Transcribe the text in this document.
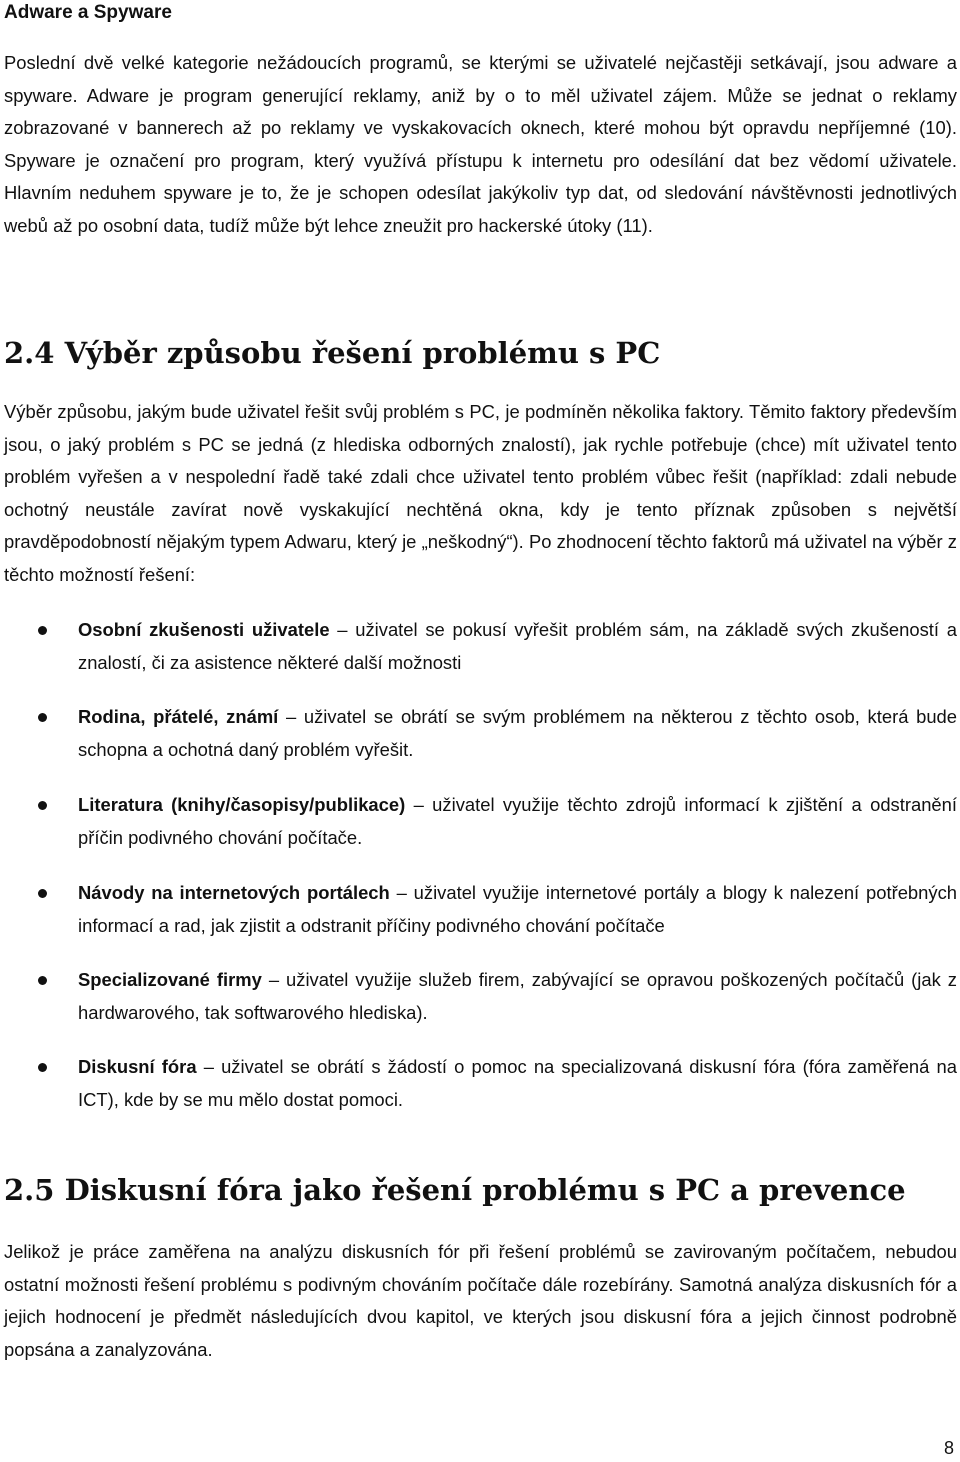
Adware a Spyware

Poslední dvě velké kategorie nežádoucích programů, se kterými se uživatelé nejčastěji setkávají, jsou adware a spyware. Adware je program generující reklamy, aniž by o to měl uživatel zájem. Může se jednat o reklamy zobrazované v bannerech až po reklamy ve vyskakovacích oknech, které mohou být opravdu nepříjemné (10). Spyware je označení pro program, který využívá přístupu k internetu pro odesílání dat bez vědomí uživatele. Hlavním neduhem spyware je to, že je schopen odesílat jakýkoliv typ dat, od sledování návštěvnosti jednotlivých webů až po osobní data, tudíž může být lehce zneužit pro hackerské útoky (11).

2.4 Výběr způsobu řešení problému s PC

Výběr způsobu, jakým bude uživatel řešit svůj problém s PC, je podmíněn několika faktory. Těmito faktory především jsou, o jaký problém s PC se jedná (z hlediska odborných znalostí), jak rychle potřebuje (chce) mít uživatel tento problém vyřešen a v nespolední řadě také zdali chce uživatel tento problém vůbec řešit (například: zdali nebude ochotný neustále zavírat nově vyskakující nechtěná okna, kdy je tento příznak způsoben s největší pravděpodobností nějakým typem Adwaru, který je „neškodný“). Po zhodnocení těchto faktorů má uživatel na výběr z těchto možností řešení:

Osobní zkušenosti uživatele – uživatel se pokusí vyřešit problém sám, na základě svých zkušeností a znalostí, či za asistence některé další možnosti

Rodina, přátelé, známí – uživatel se obrátí se svým problémem na některou z těchto osob, která bude schopna a ochotná daný problém vyřešit.

Literatura (knihy/časopisy/publikace) – uživatel využije těchto zdrojů informací k zjištění a odstranění příčin podivného chování počítače.

Návody na internetových portálech – uživatel využije internetové portály a blogy k nalezení potřebných informací a rad, jak zjistit a odstranit příčiny podivného chování počítače

Specializované firmy – uživatel využije služeb firem, zabývající se opravou poškozených počítačů (jak z hardwarového, tak softwarového hlediska).

Diskusní fóra – uživatel se obrátí s žádostí o pomoc na specializovaná diskusní fóra (fóra zaměřená na ICT), kde by se mu mělo dostat pomoci.

2.5 Diskusní fóra jako řešení problému s PC a prevence

Jelikož je práce zaměřena na analýzu diskusních fór při řešení problémů se zavirovaným počítačem, nebudou ostatní možnosti řešení problému s podivným chováním počítače dále rozebírány. Samotná analýza diskusních fór a jejich hodnocení je předmět následujících dvou kapitol, ve kterých jsou diskusní fóra a jejich činnost podrobně popsána a zanalyzována.

8
